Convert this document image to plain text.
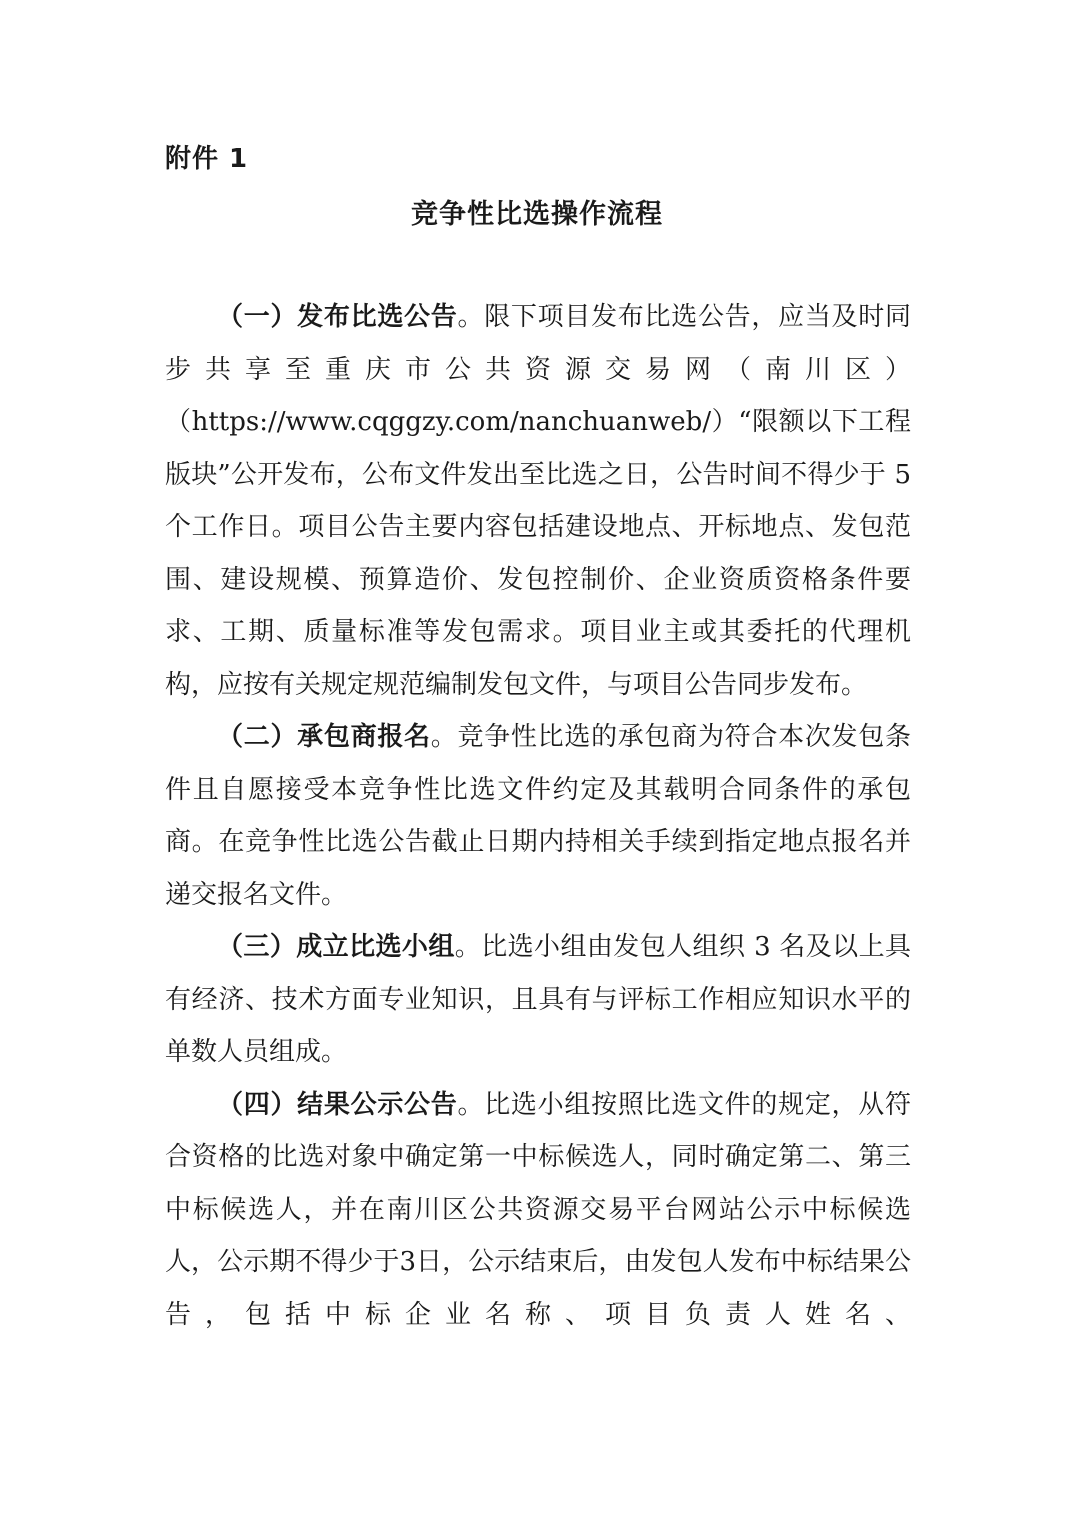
附件 1
竞争性比选操作流程

（一）发布比选公告。限下项目发布比选公告，应当及时同步共享至重庆市公共资源交易网（南川区）（https://www.cqggzy.com/nanchuanweb/）“限额以下工程版块”公开发布，公布文件发出至比选之日，公告时间不得少于 5 个工作日。项目公告主要内容包括建设地点、开标地点、发包范围、建设规模、预算造价、发包控制价、企业资质资格条件要求、工期、质量标准等发包需求。项目业主或其委托的代理机构，应按有关规定规范编制发包文件，与项目公告同步发布。

（二）承包商报名。竞争性比选的承包商为符合本次发包条件且自愿接受本竞争性比选文件约定及其载明合同条件的承包商。在竞争性比选公告截止日期内持相关手续到指定地点报名并递交报名文件。

（三）成立比选小组。比选小组由发包人组织 3 名及以上具有经济、技术方面专业知识，且具有与评标工作相应知识水平的单数人员组成。

（四）结果公示公告。比选小组按照比选文件的规定，从符合资格的比选对象中确定第一中标候选人，同时确定第二、第三中标候选人，并在南川区公共资源交易平台网站公示中标候选人，公示期不得少于3日，公示结束后，由发包人发布中标结果公告，包括中标企业名称、项目负责人姓名、
